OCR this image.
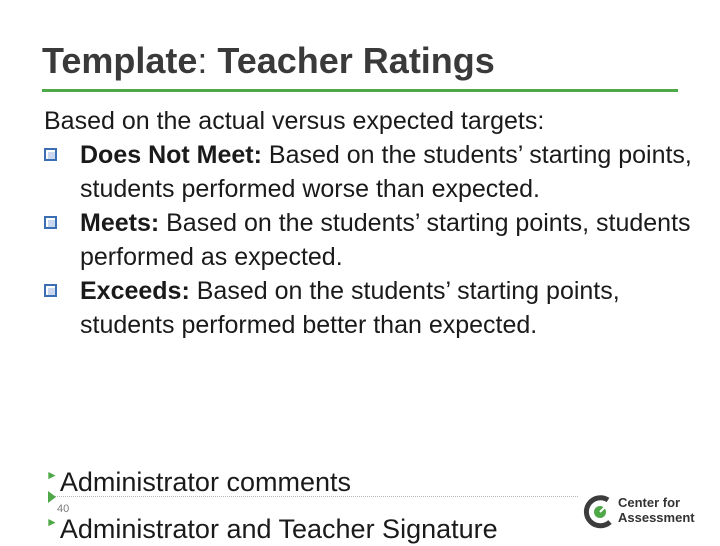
Template: Teacher Ratings
Based on the actual versus expected targets:
Does Not Meet: Based on the students’ starting points, students performed worse than expected.
Meets: Based on the students’ starting points, students performed as expected.
Exceeds: Based on the students’ starting points, students performed better than expected.
►Administrator comments
40
►Administrator and Teacher Signature
Center for
Assessment
